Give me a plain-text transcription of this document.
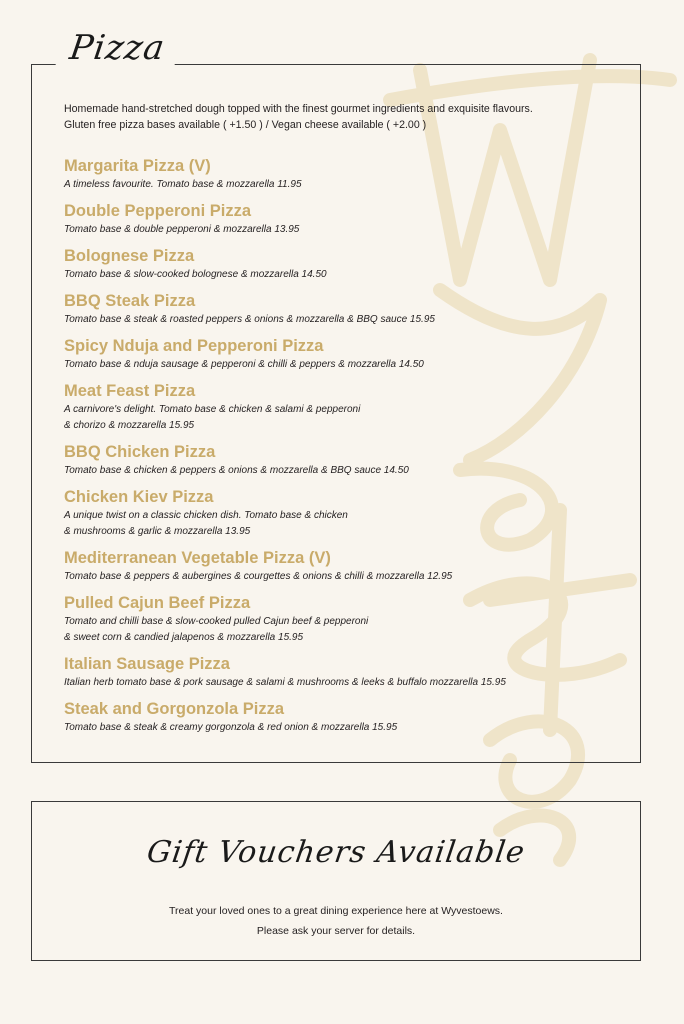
Pizza
Homemade hand-stretched dough topped with the finest gourmet ingredients and exquisite flavours.
Gluten free pizza bases available ( +1.50 ) / Vegan cheese available ( +2.00 )
Margarita Pizza (V)
A timeless favourite. Tomato base & mozzarella 11.95
Double Pepperoni Pizza
Tomato base & double pepperoni & mozzarella 13.95
Bolognese Pizza
Tomato base & slow-cooked bolognese & mozzarella 14.50
BBQ Steak Pizza
Tomato base & steak & roasted peppers & onions & mozzarella & BBQ sauce 15.95
Spicy Nduja and Pepperoni Pizza
Tomato base & nduja sausage & pepperoni & chilli & peppers & mozzarella 14.50
Meat Feast Pizza
A carnivore's delight. Tomato base & chicken & salami & pepperoni
& chorizo & mozzarella 15.95
BBQ Chicken Pizza
Tomato base & chicken & peppers & onions & mozzarella & BBQ sauce 14.50
Chicken Kiev Pizza
A unique twist on a classic chicken dish. Tomato base & chicken
& mushrooms & garlic & mozzarella 13.95
Mediterranean Vegetable Pizza (V)
Tomato base & peppers & aubergines & courgettes & onions & chilli & mozzarella 12.95
Pulled Cajun Beef Pizza
Tomato and chilli base & slow-cooked pulled Cajun beef & pepperoni
& sweet corn & candied jalapenos & mozzarella 15.95
Italian Sausage Pizza
Italian herb tomato base & pork sausage & salami & mushrooms & leeks & buffalo mozzarella 15.95
Steak and Gorgonzola Pizza
Tomato base & steak & creamy gorgonzola & red onion & mozzarella 15.95
Gift Vouchers Available
Treat your loved ones to a great dining experience here at Wyvestoews.
Please ask your server for details.
